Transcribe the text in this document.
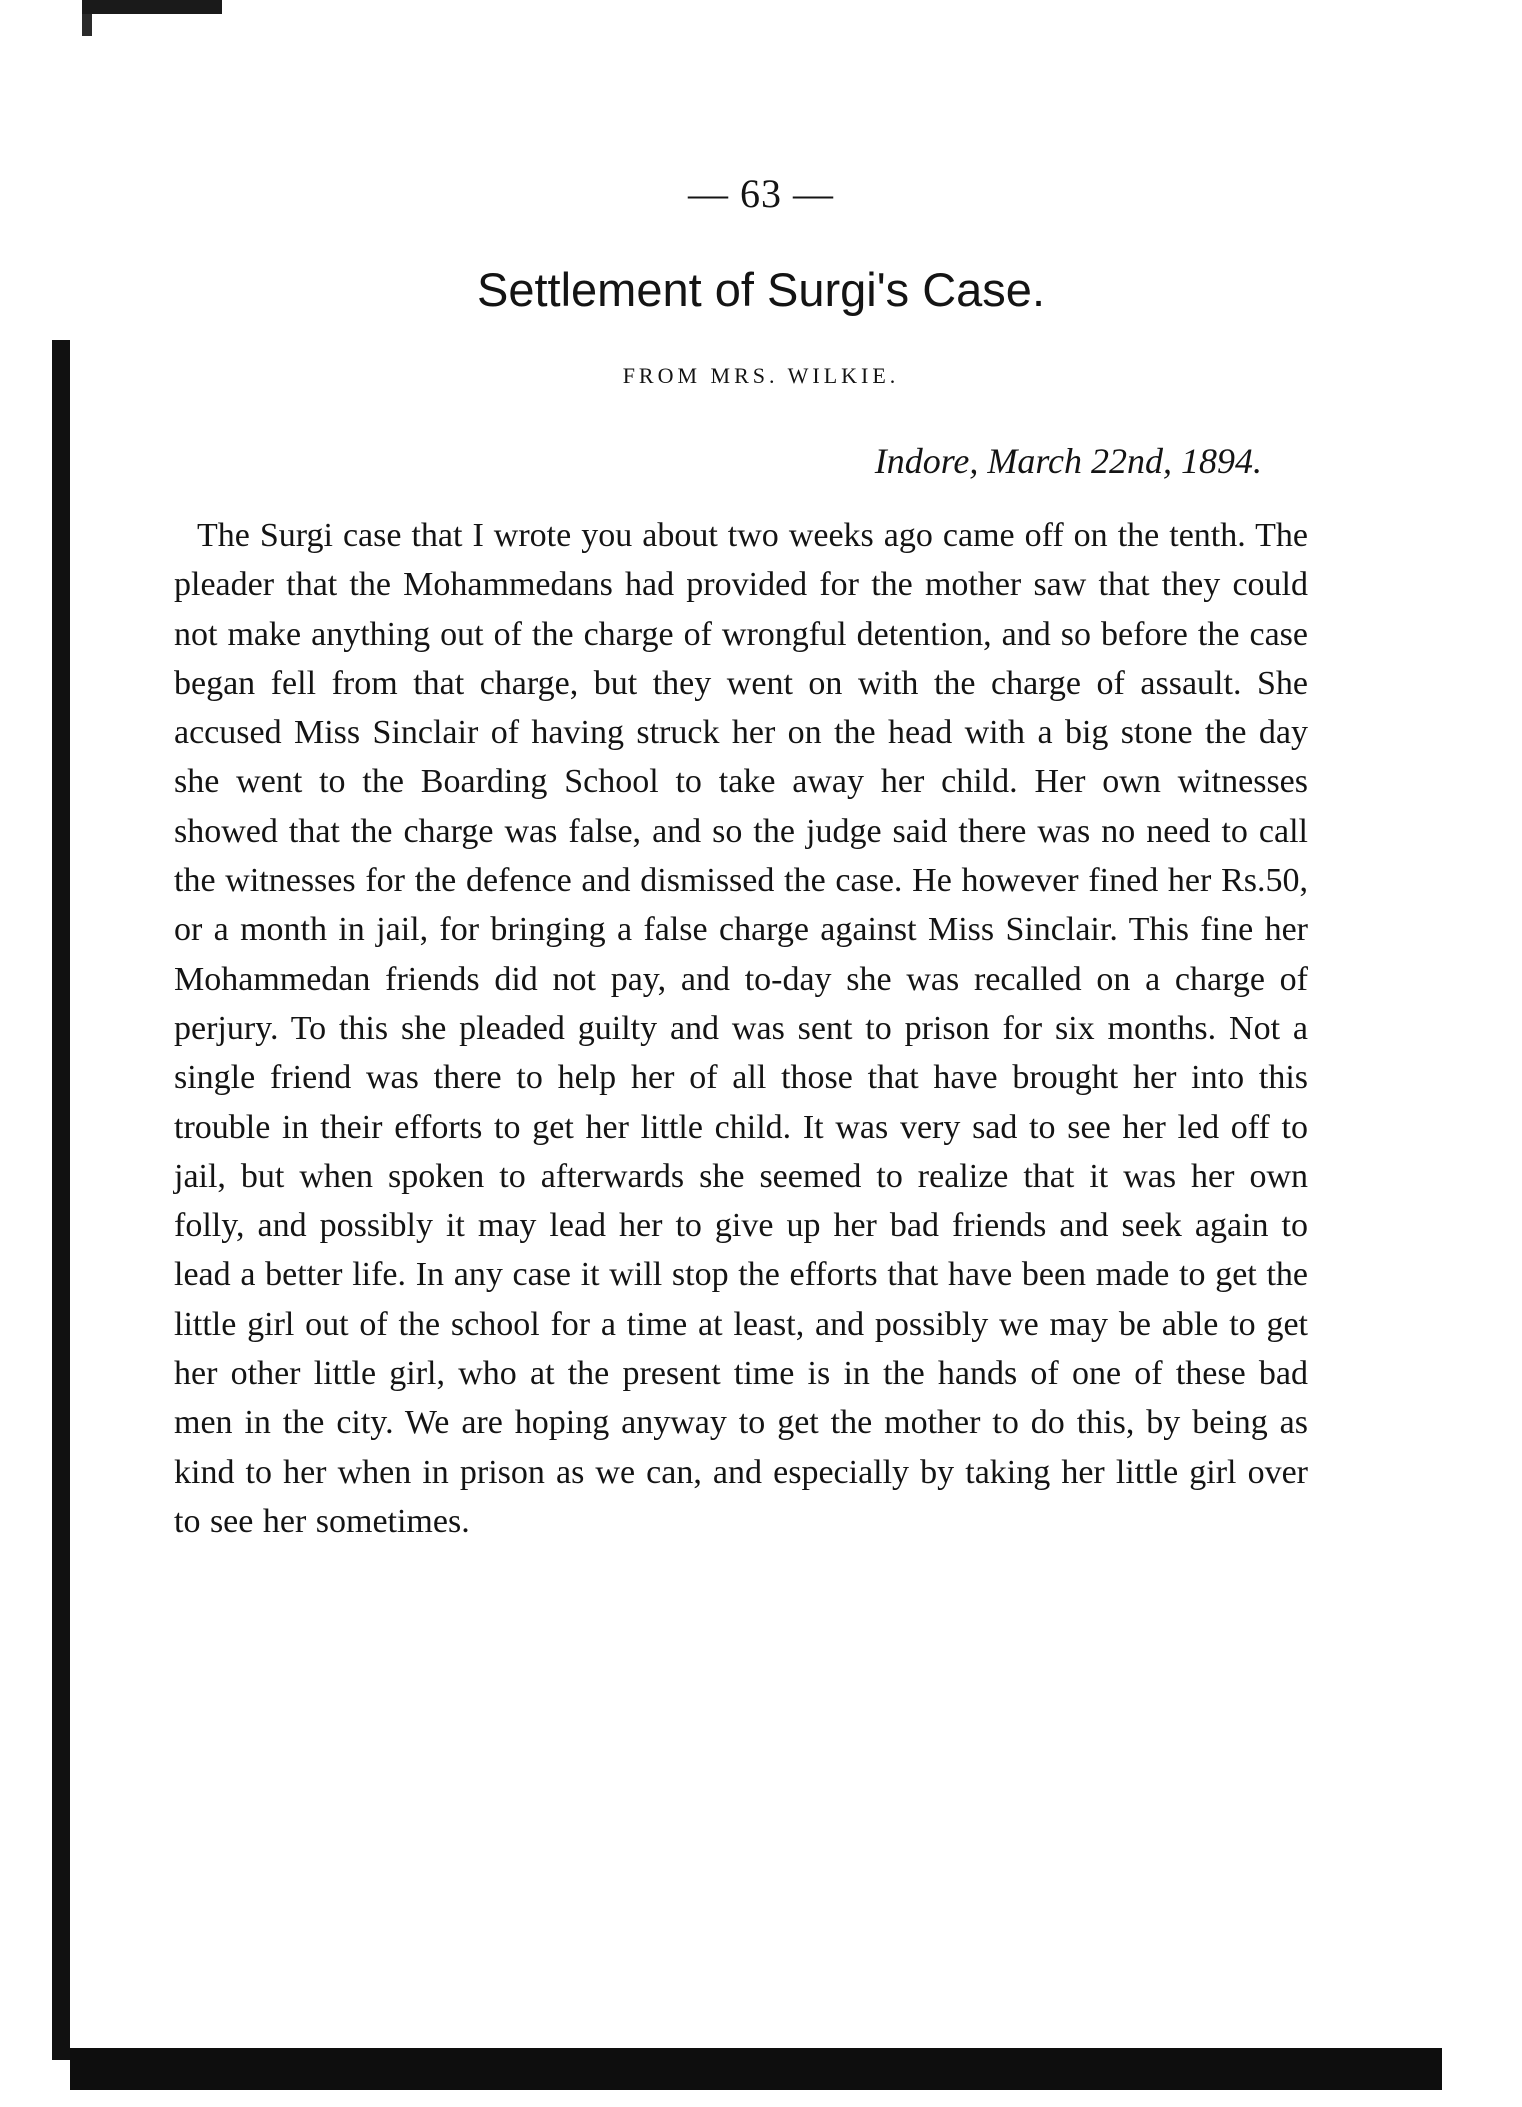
— 63 —
Settlement of Surgi's Case.
FROM MRS. WILKIE.
Indore, March 22nd, 1894.

The Surgi case that I wrote you about two weeks ago came off on the tenth. The pleader that the Mohammedans had provided for the mother saw that they could not make anything out of the charge of wrongful detention, and so before the case began fell from that charge, but they went on with the charge of assault. She accused Miss Sinclair of having struck her on the head with a big stone the day she went to the Boarding School to take away her child. Her own witnesses showed that the charge was false, and so the judge said there was no need to call the witnesses for the defence and dismissed the case. He however fined her Rs.50, or a month in jail, for bringing a false charge against Miss Sinclair. This fine her Mohammedan friends did not pay, and to-day she was recalled on a charge of perjury. To this she pleaded guilty and was sent to prison for six months. Not a single friend was there to help her of all those that have brought her into this trouble in their efforts to get her little child. It was very sad to see her led off to jail, but when spoken to afterwards she seemed to realize that it was her own folly, and possibly it may lead her to give up her bad friends and seek again to lead a better life. In any case it will stop the efforts that have been made to get the little girl out of the school for a time at least, and possibly we may be able to get her other little girl, who at the present time is in the hands of one of these bad men in the city. We are hoping anyway to get the mother to do this, by being as kind to her when in prison as we can, and especially by taking her little girl over to see her sometimes.
